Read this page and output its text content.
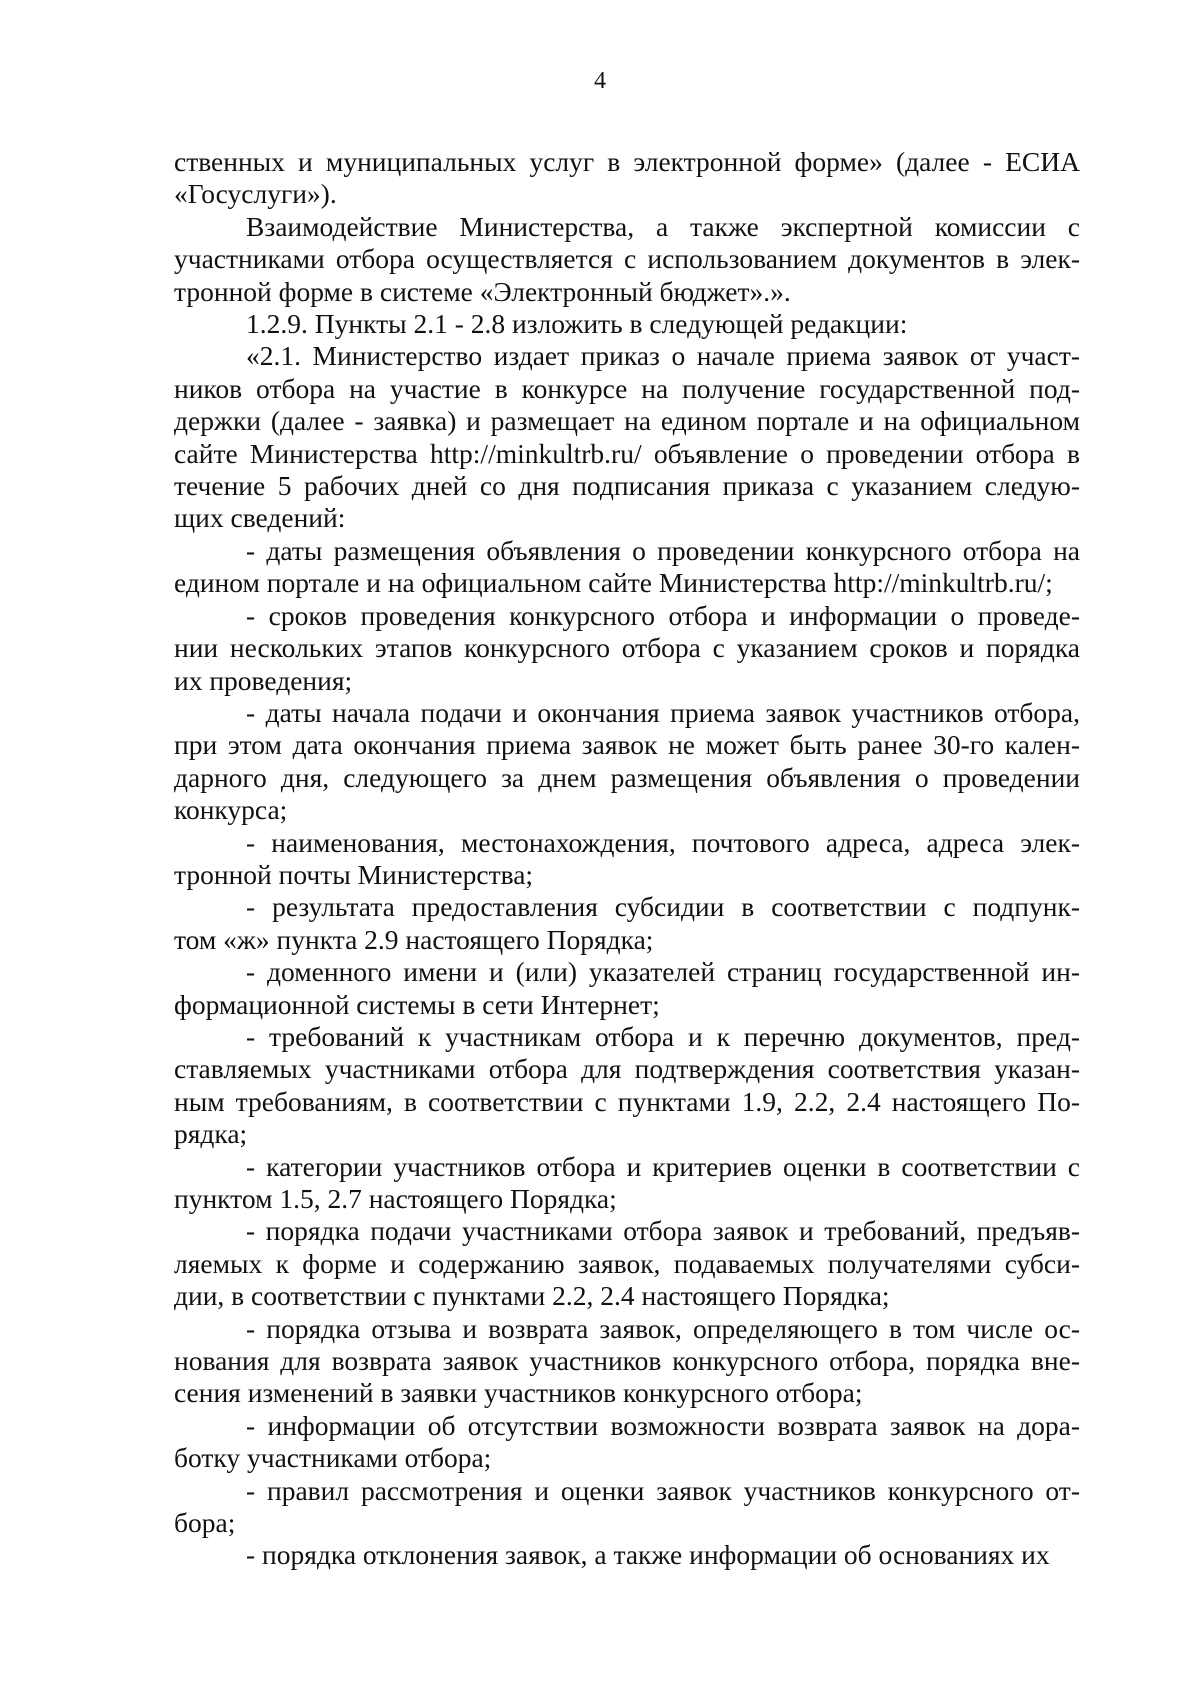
4

ственных и муниципальных услуг в электронной форме» (далее - ЕСИА
«Госуслуги»).

Взаимодействие Министерства, а также экспертной комиссии с
участниками отбора осуществляется с использованием документов в элек-
тронной форме в системе «Электронный бюджет».».

1.2.9. Пункты 2.1 - 2.8 изложить в следующей редакции:

«2.1. Министерство издает приказ о начале приема заявок от участ-
ников отбора на участие в конкурсе на получение государственной под-
держки (далее - заявка) и размещает на едином портале и на официальном
сайте Министерства http://minkultrb.ru/ объявление о проведении отбора в
течение 5 рабочих дней со дня подписания приказа с указанием следую-
щих сведений:

- даты размещения объявления о проведении конкурсного отбора на
едином портале и на официальном сайте Министерства http://minkultrb.ru/;

- сроков проведения конкурсного отбора и информации о проведе-
нии нескольких этапов конкурсного отбора с указанием сроков и порядка
их проведения;

- даты начала подачи и окончания приема заявок участников отбора,
при этом дата окончания приема заявок не может быть ранее 30-го кален-
дарного дня, следующего за днем размещения объявления о проведении
конкурса;

- наименования, местонахождения, почтового адреса, адреса элек-
тронной почты Министерства;

- результата предоставления субсидии в соответствии с подпунк-
том «ж» пункта 2.9 настоящего Порядка;

- доменного имени и (или) указателей страниц государственной ин-
формационной системы в сети Интернет;

- требований к участникам отбора и к перечню документов, пред-
ставляемых участниками отбора для подтверждения соответствия указан-
ным требованиям, в соответствии с пунктами 1.9, 2.2, 2.4 настоящего По-
рядка;

- категории участников отбора и критериев оценки в соответствии с
пунктом 1.5, 2.7 настоящего Порядка;

- порядка подачи участниками отбора заявок и требований, предъяв-
ляемых к форме и содержанию заявок, подаваемых получателями субси-
дии, в соответствии с пунктами 2.2, 2.4 настоящего Порядка;

- порядка отзыва и возврата заявок, определяющего в том числе ос-
нования для возврата заявок участников конкурсного отбора, порядка вне-
сения изменений в заявки участников конкурсного отбора;

- информации об отсутствии возможности возврата заявок на дора-
ботку участниками отбора;

- правил рассмотрения и оценки заявок участников конкурсного от-
бора;

- порядка отклонения заявок, а также информации об основаниях их
